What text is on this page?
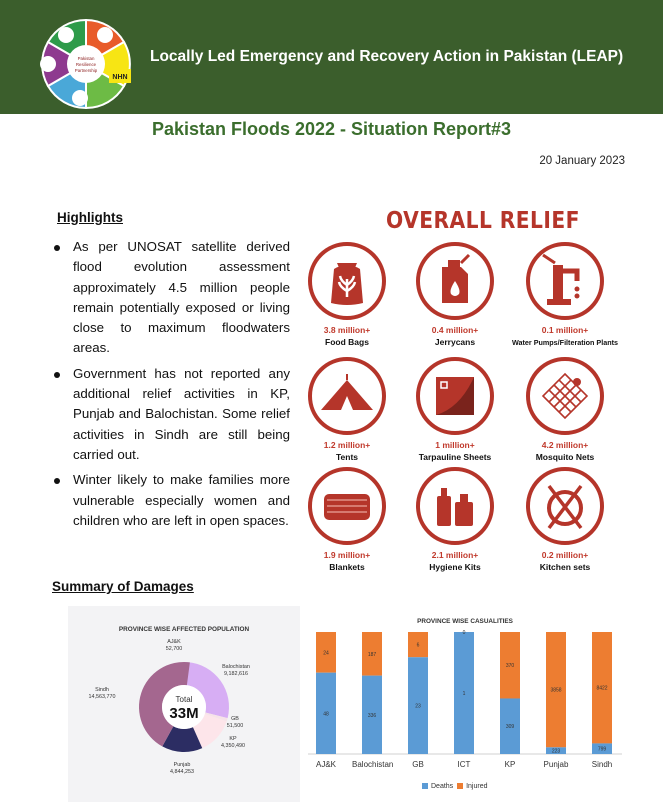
NHN
Pakistan
Resilience
Partnership
Locally Led Emergency and Recovery Action in Pakistan (LEAP)
Pakistan Floods 2022 - Situation Report#3
20 January 2023
Highlights
As per UNOSAT satellite derived flood evolution assessment approximately 4.5 million people remain potentially exposed or living close to maximum floodwaters areas.
Government has not reported any additional relief activities in KP, Punjab and Balochistan. Some relief activities in Sindh are still being carried out.
Winter likely to make families more vulnerable especially women and children who are left in open spaces.
OVERALL RELIEF
3.8 million+
Food Bags
0.4 million+
Jerrycans
0.1 million+
Water Pumps/Filteration Plants
1.2 million+
Tents
1 million+
Tarpauline Sheets
4.2 million+
Mosquito Nets
1.9 million+
Blankets
2.1 million+
Hygiene Kits
0.2 million+
Kitchen sets
Summary of Damages
PROVINCE WISE AFFECTED POPULATION
Total
33M
AJ&K
52,700
Balochistan
9,182,616
GB
51,500
KP
4,350,490
Punjab
4,844,253
Sindh
14,563,770
PROVINCE WISE CASUALITIES
48
24
336
187
23
6
1
0
309
370
223
3858
799
8422
AJ&K	Balochistan	GB	ICT	KP	Punjab	Sindh
Deaths Injured
